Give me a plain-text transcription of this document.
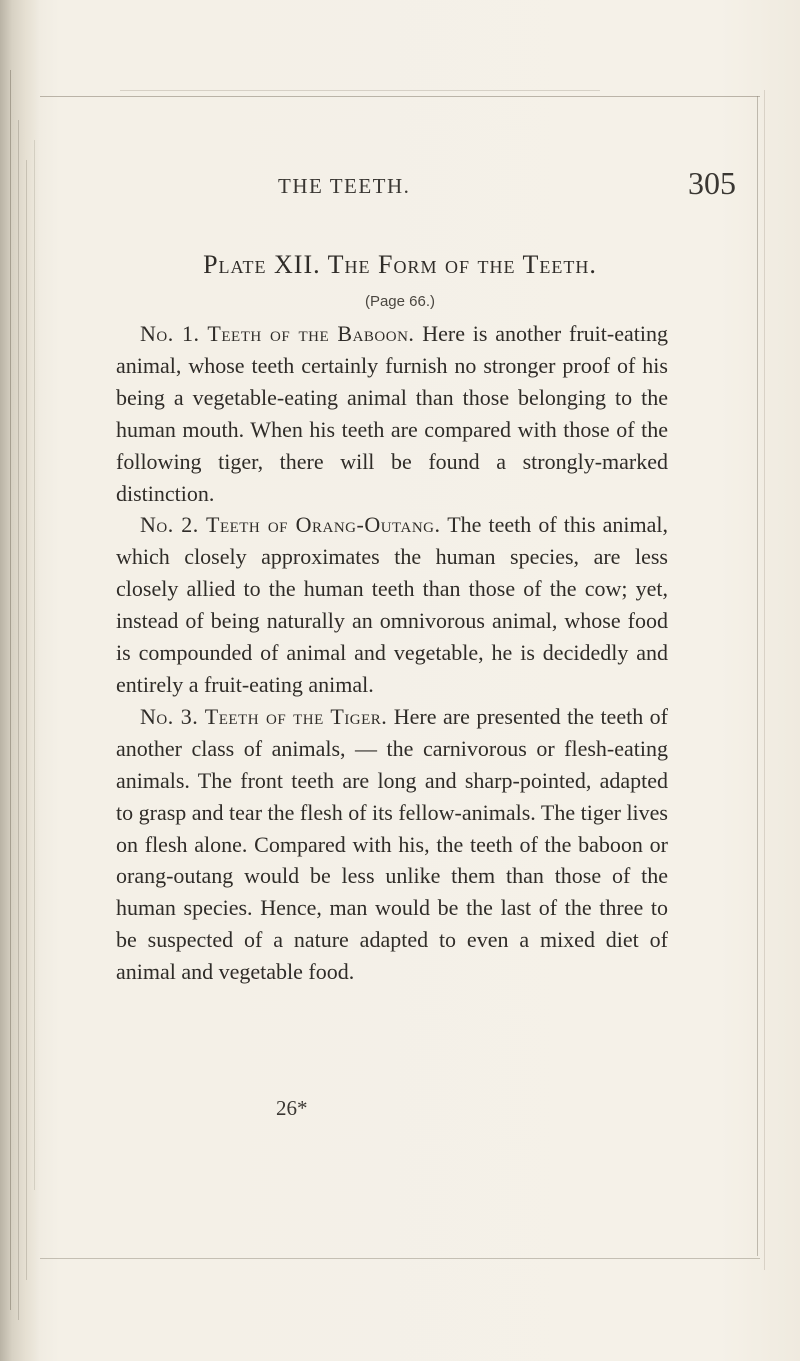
THE TEETH.	305
Plate XII. The Form of the Teeth.
(Page 66.)

No. 1. Teeth of the Baboon. Here is another fruit-eating animal, whose teeth certainly furnish no stronger proof of his being a vegetable-eating animal than those belonging to the human mouth. When his teeth are compared with those of the following tiger, there will be found a strongly-marked distinction.

No. 2. Teeth of Orang-Outang. The teeth of this animal, which closely approximates the human species, are less closely allied to the human teeth than those of the cow; yet, instead of being naturally an omnivorous animal, whose food is compounded of animal and vegetable, he is decidedly and entirely a fruit-eating animal.

No. 3. Teeth of the Tiger. Here are presented the teeth of another class of animals, — the carnivorous or flesh-eating animals. The front teeth are long and sharp-pointed, adapted to grasp and tear the flesh of its fellow-animals. The tiger lives on flesh alone. Compared with his, the teeth of the baboon or orang-outang would be less unlike them than those of the human species. Hence, man would be the last of the three to be suspected of a nature adapted to even a mixed diet of animal and vegetable food.

26*
